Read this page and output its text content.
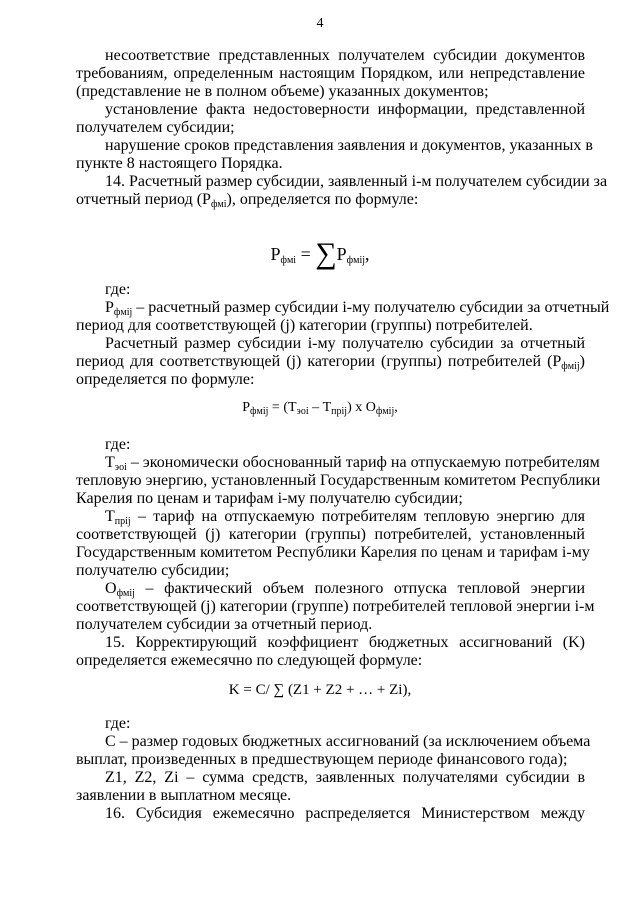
4
несоответствие представленных получателем субсидии документов
требованиям, определенным настоящим Порядком, или непредставление
(представление не в полном объеме) указанных документов;
установление факта недостоверности информации, представленной
получателем субсидии;
нарушение сроков представления заявления и документов, указанных в
пункте 8 настоящего Порядка.
14. Расчетный размер субсидии, заявленный i-м получателем субсидии за
отчетный период $(Р_{фмi})$, определяется по формуле:
$Р_{фмi} = \sum Р_{фмij}$,
где:
$Р_{фмij}$ – расчетный размер субсидии i-му получателю субсидии за отчетный
период для соответствующей (j) категории (группы) потребителей.
Расчетный размер субсидии i-му получателю субсидии за отчетный
период для соответствующей (j) категории (группы) потребителей $(Р_{фмij})$
определяется по формуле:
$Р_{фмij} = (Т_{эоi} - Т_{прij})$ х $О_{фмij}$,
где:
$Т_{эоi}$ – экономически обоснованный тариф на отпускаемую потребителям
тепловую энергию, установленный Государственным комитетом Республики
Карелия по ценам и тарифам i-му получателю субсидии;
$Т_{прij}$ – тариф на отпускаемую потребителям тепловую энергию для
соответствующей (j) категории (группы) потребителей, установленный
Государственным комитетом Республики Карелия по ценам и тарифам i-му
получателю субсидии;
$О_{фмij}$ – фактический объем полезного отпуска тепловой энергии
соответствующей (j) категории (группе) потребителей тепловой энергии i-м
получателем субсидии за отчетный период.
15. Корректирующий коэффициент бюджетных ассигнований (K)
определяется ежемесячно по следующей формуле:
K = C/ ∑ (Z1 + Z2 + … + Zi),
где:
С – размер годовых бюджетных ассигнований (за исключением объема
выплат, произведенных в предшествующем периоде финансового года);
Z1, Z2, Zi – сумма средств, заявленных получателями субсидии в
заявлении в выплатном месяце.
16. Субсидия ежемесячно распределяется Министерством между
